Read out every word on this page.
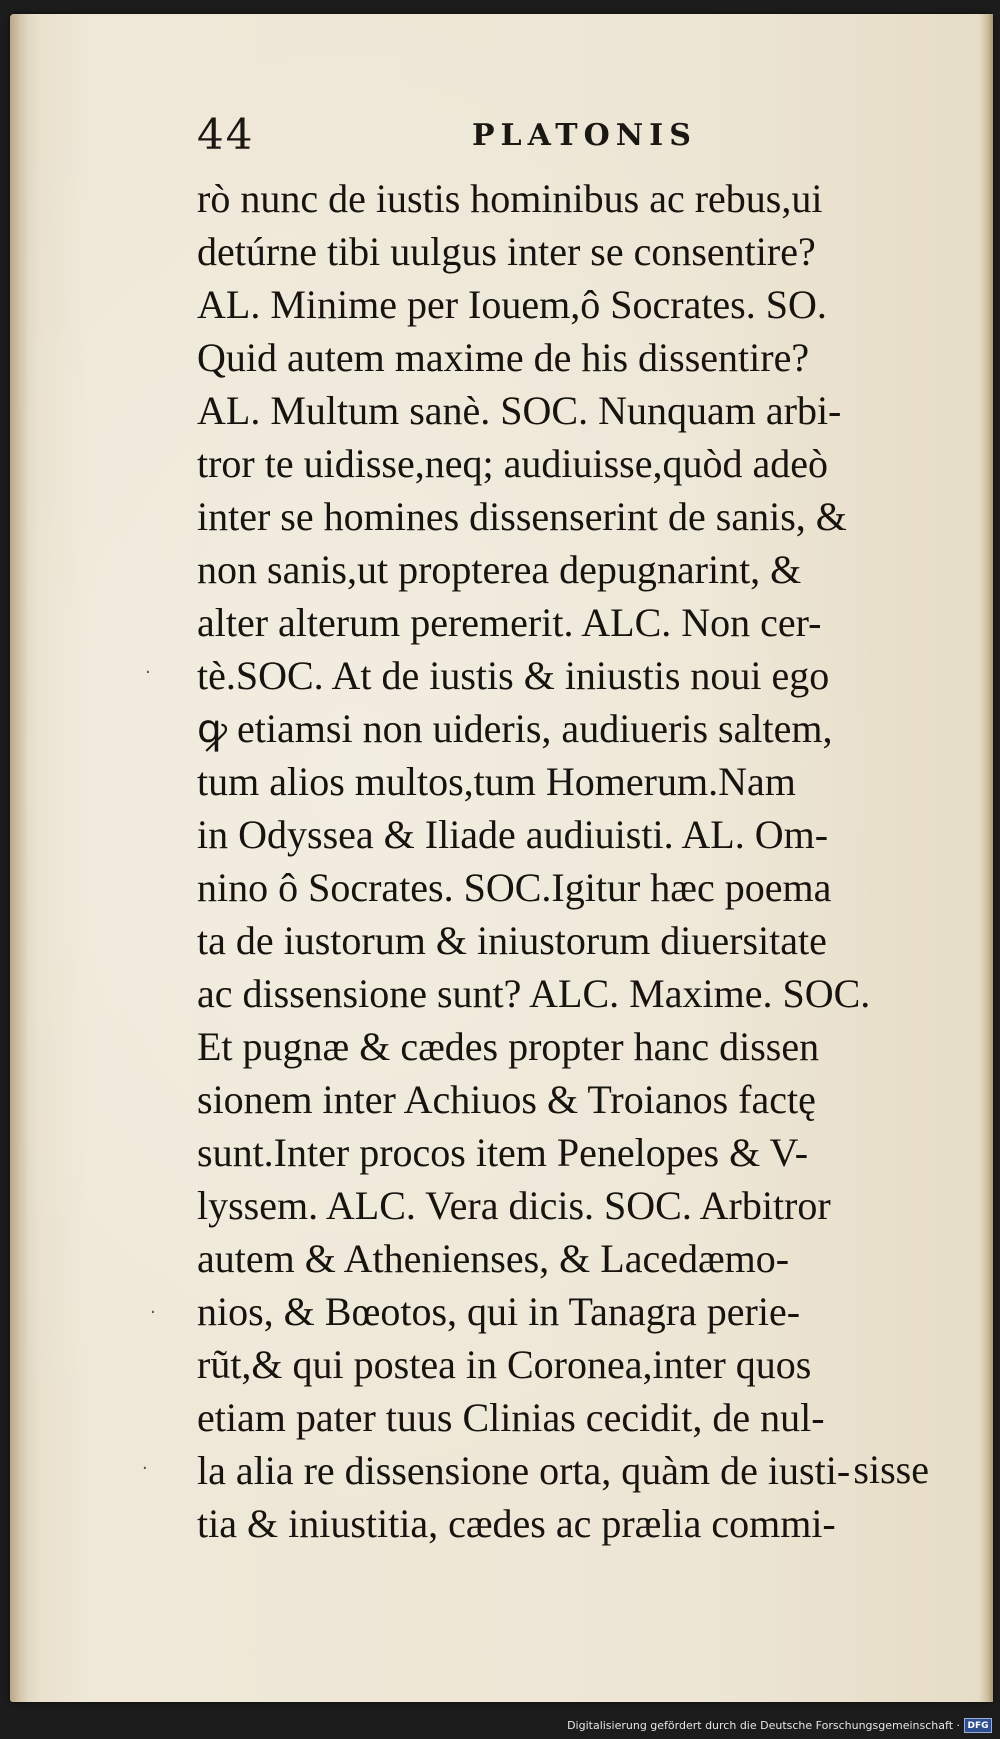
44	PLATONIS
rò nunc de iustis hominibus ac rebus,ui
detúrne tibi uulgus inter se consentire?
AL. Minime per Iouem,ô Socrates. SO.
Quid autem maxime de his dissentire?
AL. Multum sanè. SOC. Nunquam arbi-
tror te uidisse,neq; audiuisse,quòd adeò
inter se homines dissenserint de sanis, &
non sanis,ut propterea depugnarint, &
alter alterum peremerit. ALC. Non cer-
tè.SOC. At de iustis & iniustis noui ego
ꝙ etiamsi non uideris, audiueris saltem,
tum alios multos,tum Homerum.Nam
in Odyssea & Iliade audiuisti. AL. Om-
nino ô Socrates. SOC.Igitur hæc poema
ta de iustorum & iniustorum diuersitate
ac dissensione sunt? ALC. Maxime. SOC.
Et pugnæ & cædes propter hanc dissen
sionem inter Achiuos & Troianos factę
sunt.Inter procos item Penelopes & V-
lyssem. ALC. Vera dicis. SOC. Arbitror
autem & Athenienses, & Lacedæmo-
nios, & Bœotos, qui in Tanagra perie-
rũt,& qui postea in Coronea,inter quos
etiam pater tuus Clinias cecidit, de nul-
la alia re dissensione orta, quàm de iusti-
tia & iniustitia, cædes ac prælia commi-
sisse
·
·
·
Digitalisierung gefördert durch die Deutsche Forschungsgemeinschaft · DFG
